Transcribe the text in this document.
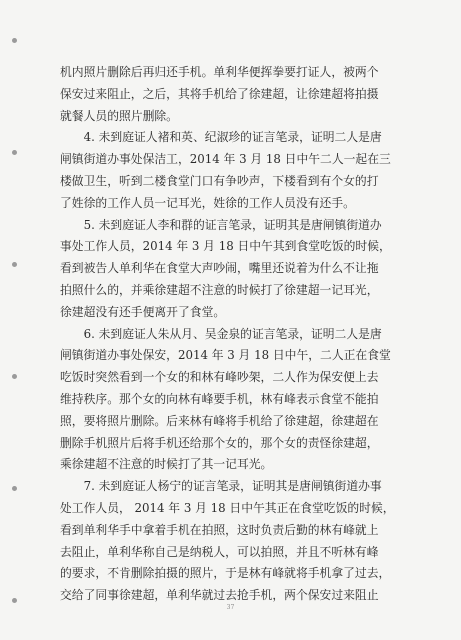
机内照片删除后再归还手机。单利华便挥拳要打证人，被两个
保安过来阻止，之后，其将手机给了徐建超，让徐建超将拍摄
就餐人员的照片删除。
4. 未到庭证人褚和英、纪淑珍的证言笔录，证明二人是唐
闸镇街道办事处保洁工，2014 年 3 月 18 日中午二人一起在三
楼做卫生，听到二楼食堂门口有争吵声，下楼看到有个女的打
了姓徐的工作人员一记耳光，姓徐的工作人员没有还手。
5. 未到庭证人李和群的证言笔录，证明其是唐闸镇街道办
事处工作人员，2014 年 3 月 18 日中午其到食堂吃饭的时候，
看到被告人单利华在食堂大声吵闹，嘴里还说着为什么不让拖
拍照什么的，并乘徐建超不注意的时候打了徐建超一记耳光，
徐建超没有还手便离开了食堂。
6. 未到庭证人朱从月、吴金泉的证言笔录，证明二人是唐
闸镇街道办事处保安，2014 年 3 月 18 日中午，二人正在食堂
吃饭时突然看到一个女的和林有峰吵架，二人作为保安便上去
维持秩序。那个女的向林有峰要手机，林有峰表示食堂不能拍
照，要将照片删除。后来林有峰将手机给了徐建超，徐建超在
删除手机照片后将手机还给那个女的，那个女的责怪徐建超，
乘徐建超不注意的时候打了其一记耳光。
7. 未到庭证人杨宁的证言笔录，证明其是唐闸镇街道办事
处工作人员， 2014 年 3 月 18 日中午其正在食堂吃饭的时候，
看到单利华手中拿着手机在拍照，这时负责后勤的林有峰就上
去阻止，单利华称自己是纳税人，可以拍照，并且不听林有峰
的要求，不肯删除拍摄的照片，于是林有峰就将手机拿了过去，
交给了同事徐建超，单利华就过去抢手机，两个保安过来阻止
37
